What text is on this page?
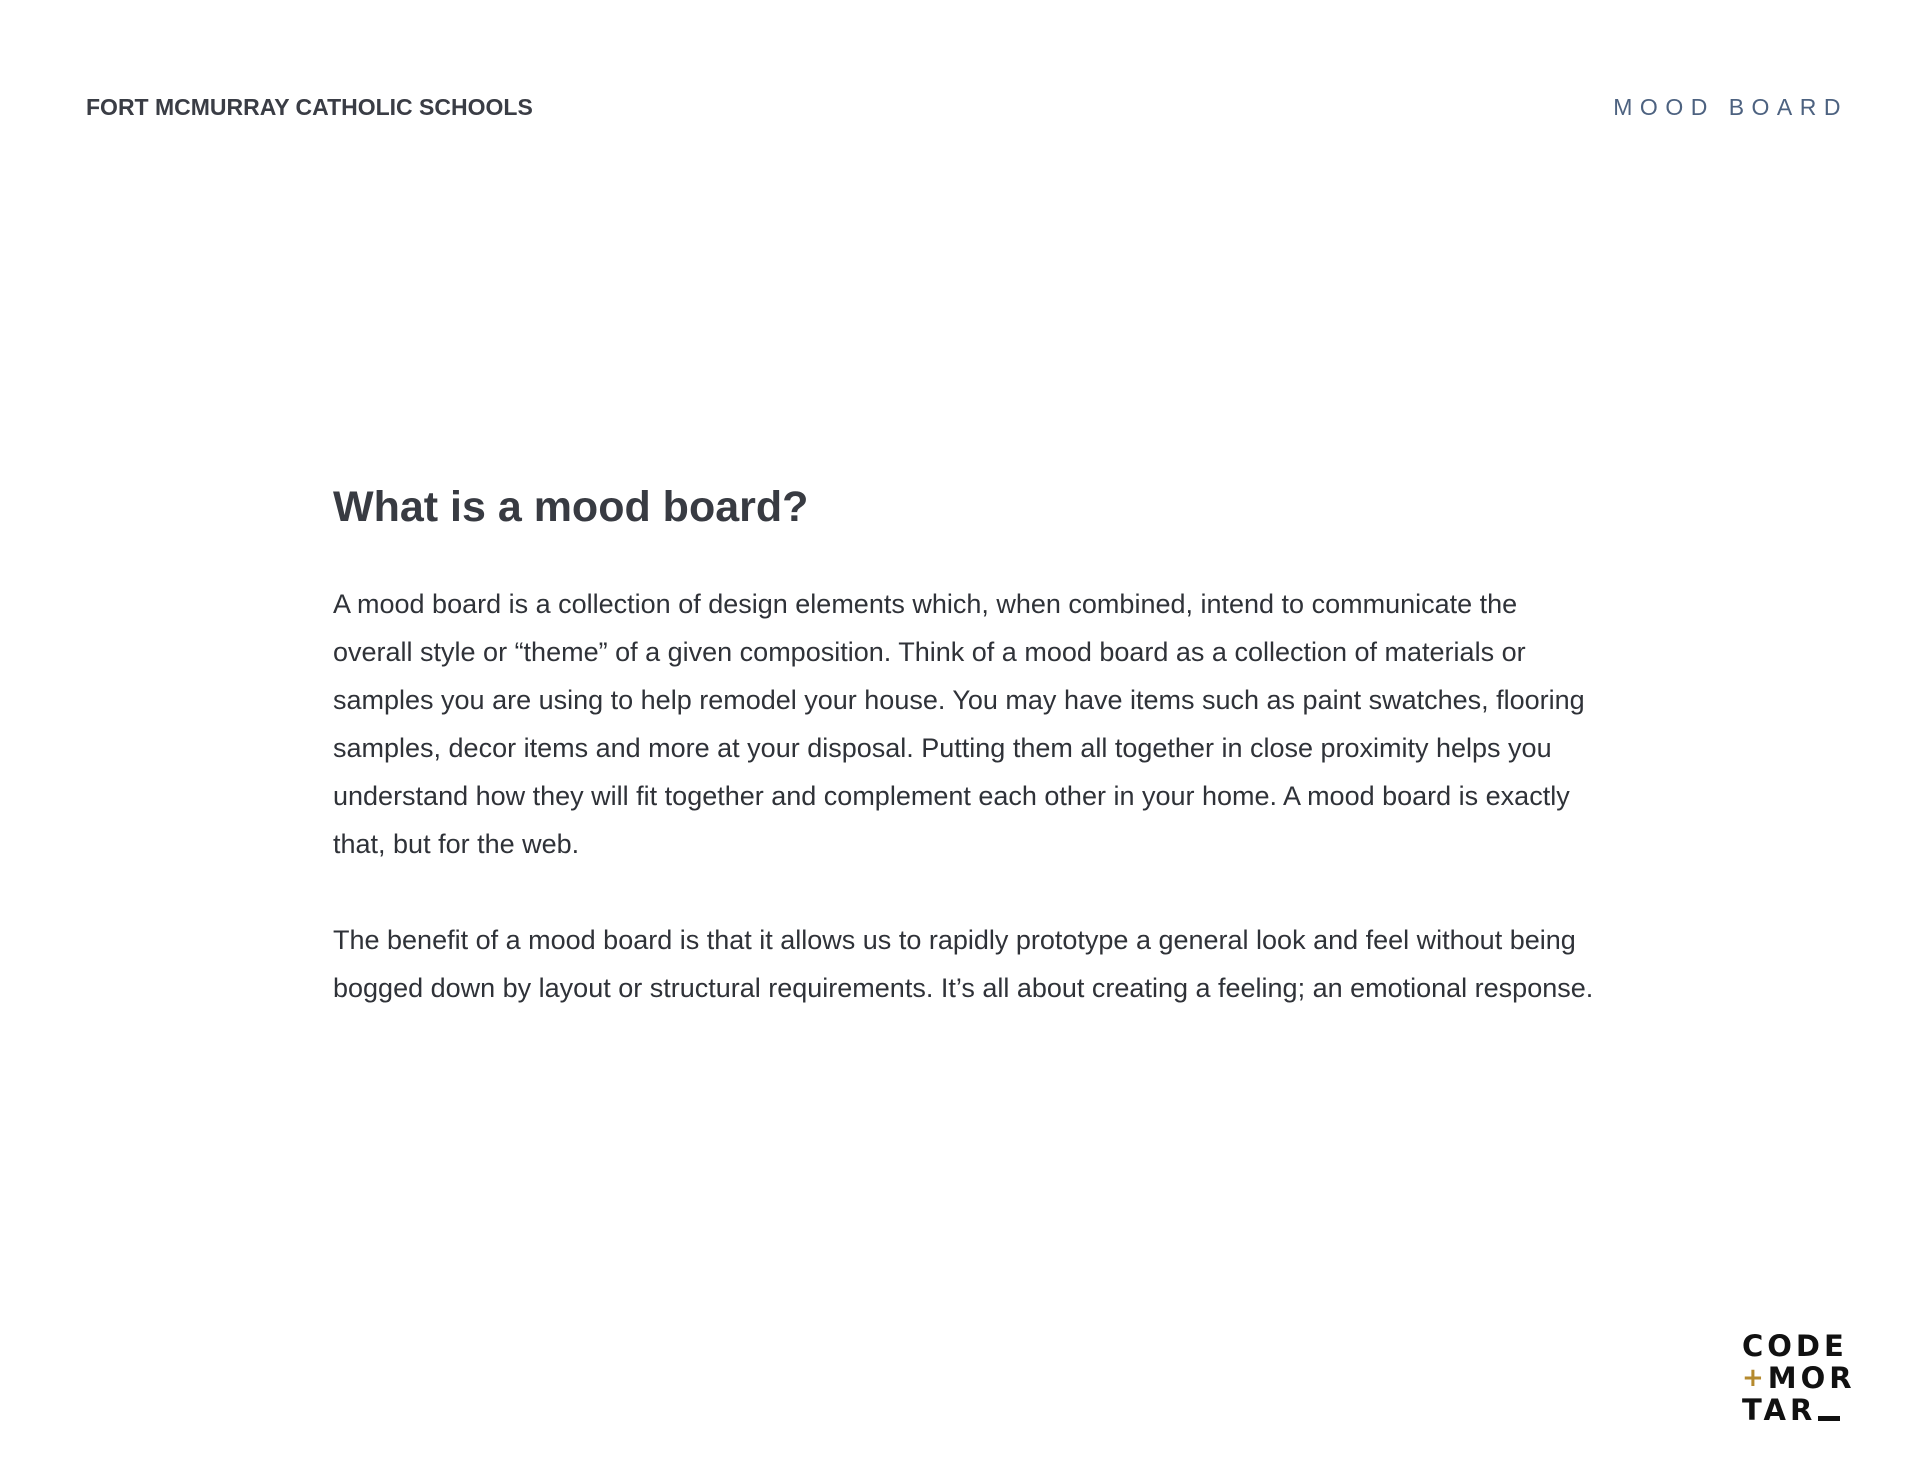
FORT MCMURRAY CATHOLIC SCHOOLS	MOOD BOARD
What is a mood board?

A mood board is a collection of design elements which, when combined, intend to communicate the overall style or “theme” of a given composition. Think of a mood board as a collection of materials or samples you are using to help remodel your house. You may have items such as paint swatches, flooring samples, decor items and more at your disposal. Putting them all together in close proximity helps you understand how they will fit together and complement each other in your home. A mood board is exactly that, but for the web.

The benefit of a mood board is that it allows us to rapidly prototype a general look and feel without being bogged down by layout or structural requirements. It’s all about creating a feeling; an emotional response.

CODE
+ MOR
TAR
